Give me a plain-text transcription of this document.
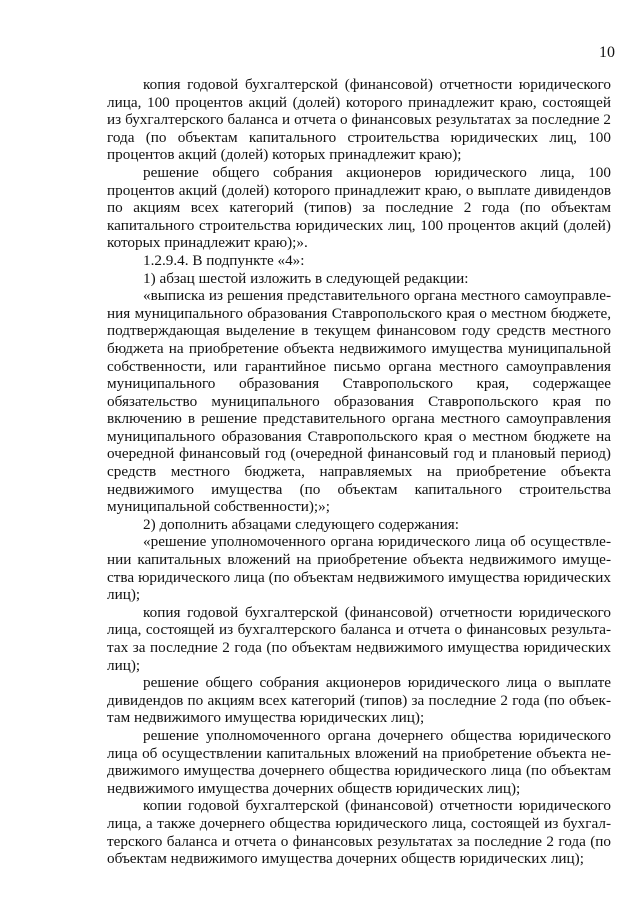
10

копия годовой бухгалтерской (финансовой) отчетности юридического лица, 100 процентов акций (долей) которого принадлежит краю, состоящей из бухгалтерского баланса и отчета о финансовых результатах за последние 2 года (по объектам капитального строительства юридических лиц, 100 процентов акций (долей) которых принадлежит краю);

решение общего собрания акционеров юридического лица, 100 процентов акций (долей) которого принадлежит краю, о выплате дивидендов по акциям всех категорий (типов) за последние 2 года (по объектам капитального строительства юридических лиц, 100 процентов акций (долей) которых принадлежит краю);».

1.2.9.4. В подпункте «4»:

1) абзац шестой изложить в следующей редакции:

«выписка из решения представительного органа местного самоуправления муниципального образования Ставропольского края о местном бюджете, подтверждающая выделение в текущем финансовом году средств местного бюджета на приобретение объекта недвижимого имущества муниципальной собственности, или гарантийное письмо органа местного самоуправления муниципального образования Ставропольского края, содержащее обязательство муниципального образования Ставропольского края по включению в решение представительного органа местного самоуправления муниципального образования Ставропольского края о местном бюджете на очередной финансовый год (очередной финансовый год и плановый период) средств местного бюджета, направляемых на приобретение объекта недвижимого имущества (по объектам капитального строительства муниципальной собственности);»;

2) дополнить абзацами следующего содержания:

«решение уполномоченного органа юридического лица об осуществлении капитальных вложений на приобретение объекта недвижимого имущества юридического лица (по объектам недвижимого имущества юридических лиц);

копия годовой бухгалтерской (финансовой) отчетности юридического лица, состоящей из бухгалтерского баланса и отчета о финансовых результатах за последние 2 года (по объектам недвижимого имущества юридических лиц);

решение общего собрания акционеров юридического лица о выплате дивидендов по акциям всех категорий (типов) за последние 2 года (по объектам недвижимого имущества юридических лиц);

решение уполномоченного органа дочернего общества юридического лица об осуществлении капитальных вложений на приобретение объекта недвижимого имущества дочернего общества юридического лица (по объектам недвижимого имущества дочерних обществ юридических лиц);

копии годовой бухгалтерской (финансовой) отчетности юридического лица, а также дочернего общества юридического лица, состоящей из бухгалтерского баланса и отчета о финансовых результатах за последние 2 года (по объектам недвижимого имущества дочерних обществ юридических лиц);
